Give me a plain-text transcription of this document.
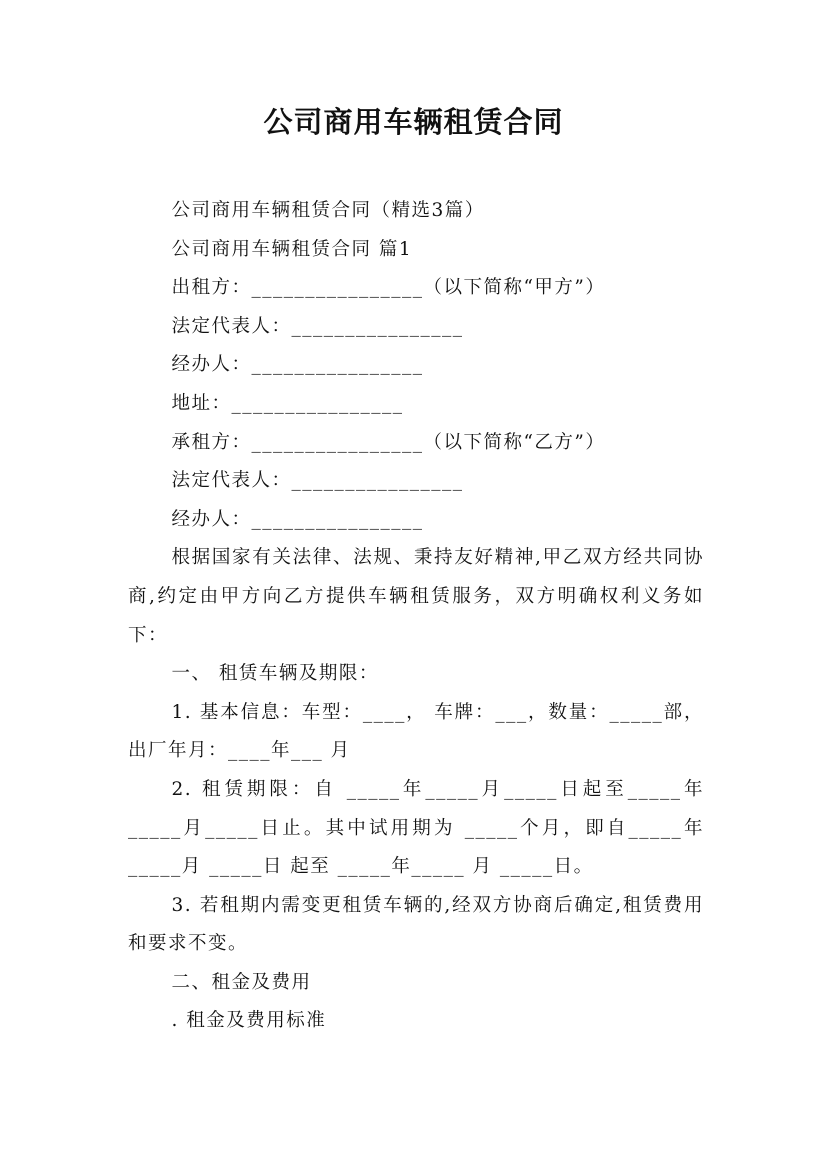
公司商用车辆租赁合同

公司商用车辆租赁合同（精选3篇）

公司商用车辆租赁合同 篇1

出租方：________________（以下简称“甲方”）

法定代表人：________________

经办人：________________

地址：________________

承租方：________________（以下简称“乙方”）

法定代表人：________________

经办人：________________

根据国家有关法律、法规、秉持友好精神,甲乙双方经共同协商,约定由甲方向乙方提供车辆租赁服务，双方明确权利义务如下：

一、 租赁车辆及期限：

1. 基本信息：车型：____， 车牌：___，数量：_____部，出厂年月：____年___ 月

2. 租赁期限：自 _____年_____月_____日起至_____年_____月_____日止。其中试用期为 _____个月，即自_____年 _____月 _____日 起至 _____年_____ 月 _____日。

3. 若租期内需变更租赁车辆的,经双方协商后确定,租赁费用和要求不变。

二、租金及费用

. 租金及费用标准
